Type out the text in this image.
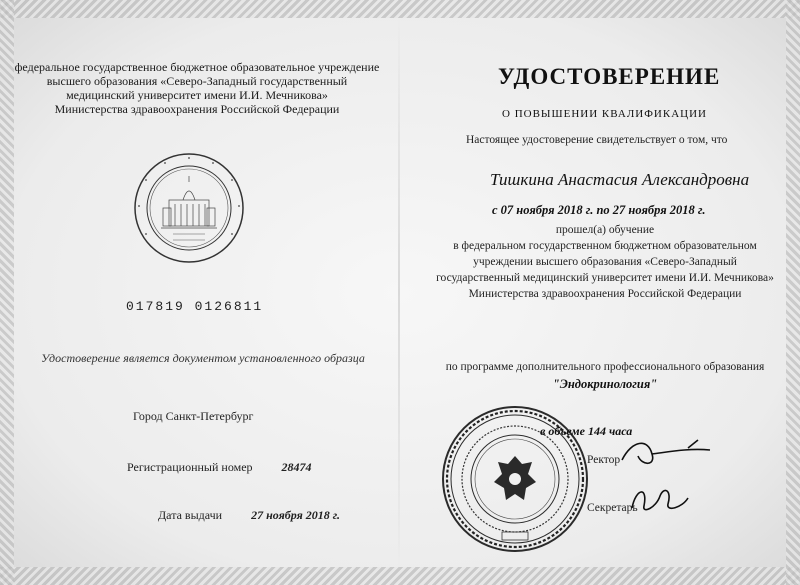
федеральное государственное бюджетное образовательное учреждение
высшего образования «Северо-Западный государственный
медицинский университет имени И.И. Мечникова»
Министерства здравоохранения Российской Федерации
017819 0126811
Удостоверение является документом установленного образца
Город Санкт-Петербург
Регистрационный номер 28474
Дата выдачи 27 ноября 2018 г.
УДОСТОВЕРЕНИЕ
О ПОВЫШЕНИИ КВАЛИФИКАЦИИ
Настоящее удостоверение свидетельствует о том, что
Тишкина Анастасия Александровна
с 07 ноября 2018 г. по 27 ноября 2018 г.
прошел(а) обучение
в федеральном государственном бюджетном образовательном
учреждении высшего образования «Северо-Западный
государственный медицинский университет имени И.И. Мечникова»
Министерства здравоохранения Российской Федерации
по программе дополнительного профессионального образования
"Эндокринология"
в объеме 144 часа
Ректор
Секретарь
